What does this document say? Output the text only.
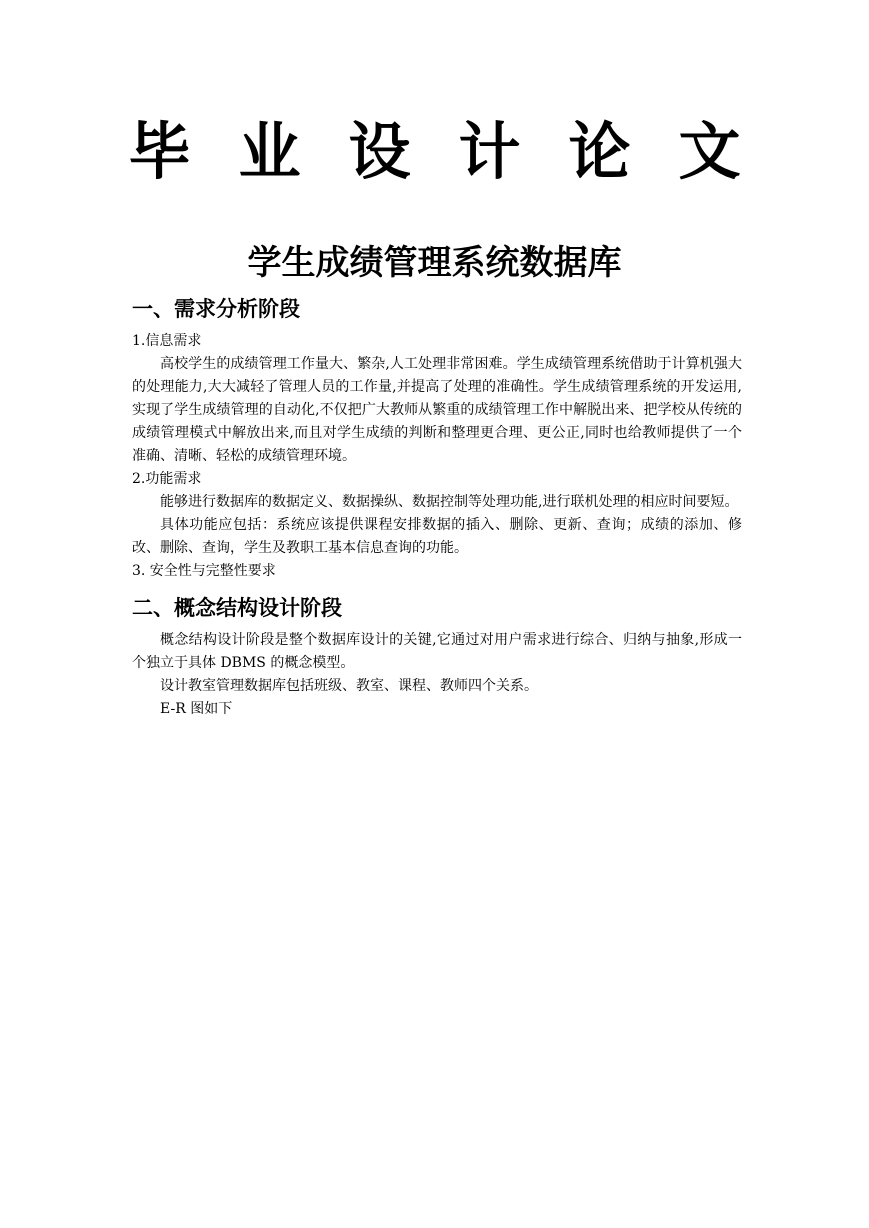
毕业设计论文
学生成绩管理系统数据库
一、需求分析阶段

1.信息需求

高校学生的成绩管理工作量大、繁杂,人工处理非常困难。学生成绩管理系统借助于计算机强大的处理能力,大大减轻了管理人员的工作量,并提高了处理的准确性。学生成绩管理系统的开发运用,实现了学生成绩管理的自动化,不仅把广大教师从繁重的成绩管理工作中解脱出来、把学校从传统的成绩管理模式中解放出来,而且对学生成绩的判断和整理更合理、更公正,同时也给教师提供了一个准确、清晰、轻松的成绩管理环境。

2.功能需求

能够进行数据库的数据定义、数据操纵、数据控制等处理功能,进行联机处理的相应时间要短。

具体功能应包括：系统应该提供课程安排数据的插入、删除、更新、查询；成绩的添加、修改、删除、查询，学生及教职工基本信息查询的功能。

3. 安全性与完整性要求

二、概念结构设计阶段

概念结构设计阶段是整个数据库设计的关键,它通过对用户需求进行综合、归纳与抽象,形成一个独立于具体 DBMS 的概念模型。

设计教室管理数据库包括班级、教室、课程、教师四个关系。

E-R 图如下
